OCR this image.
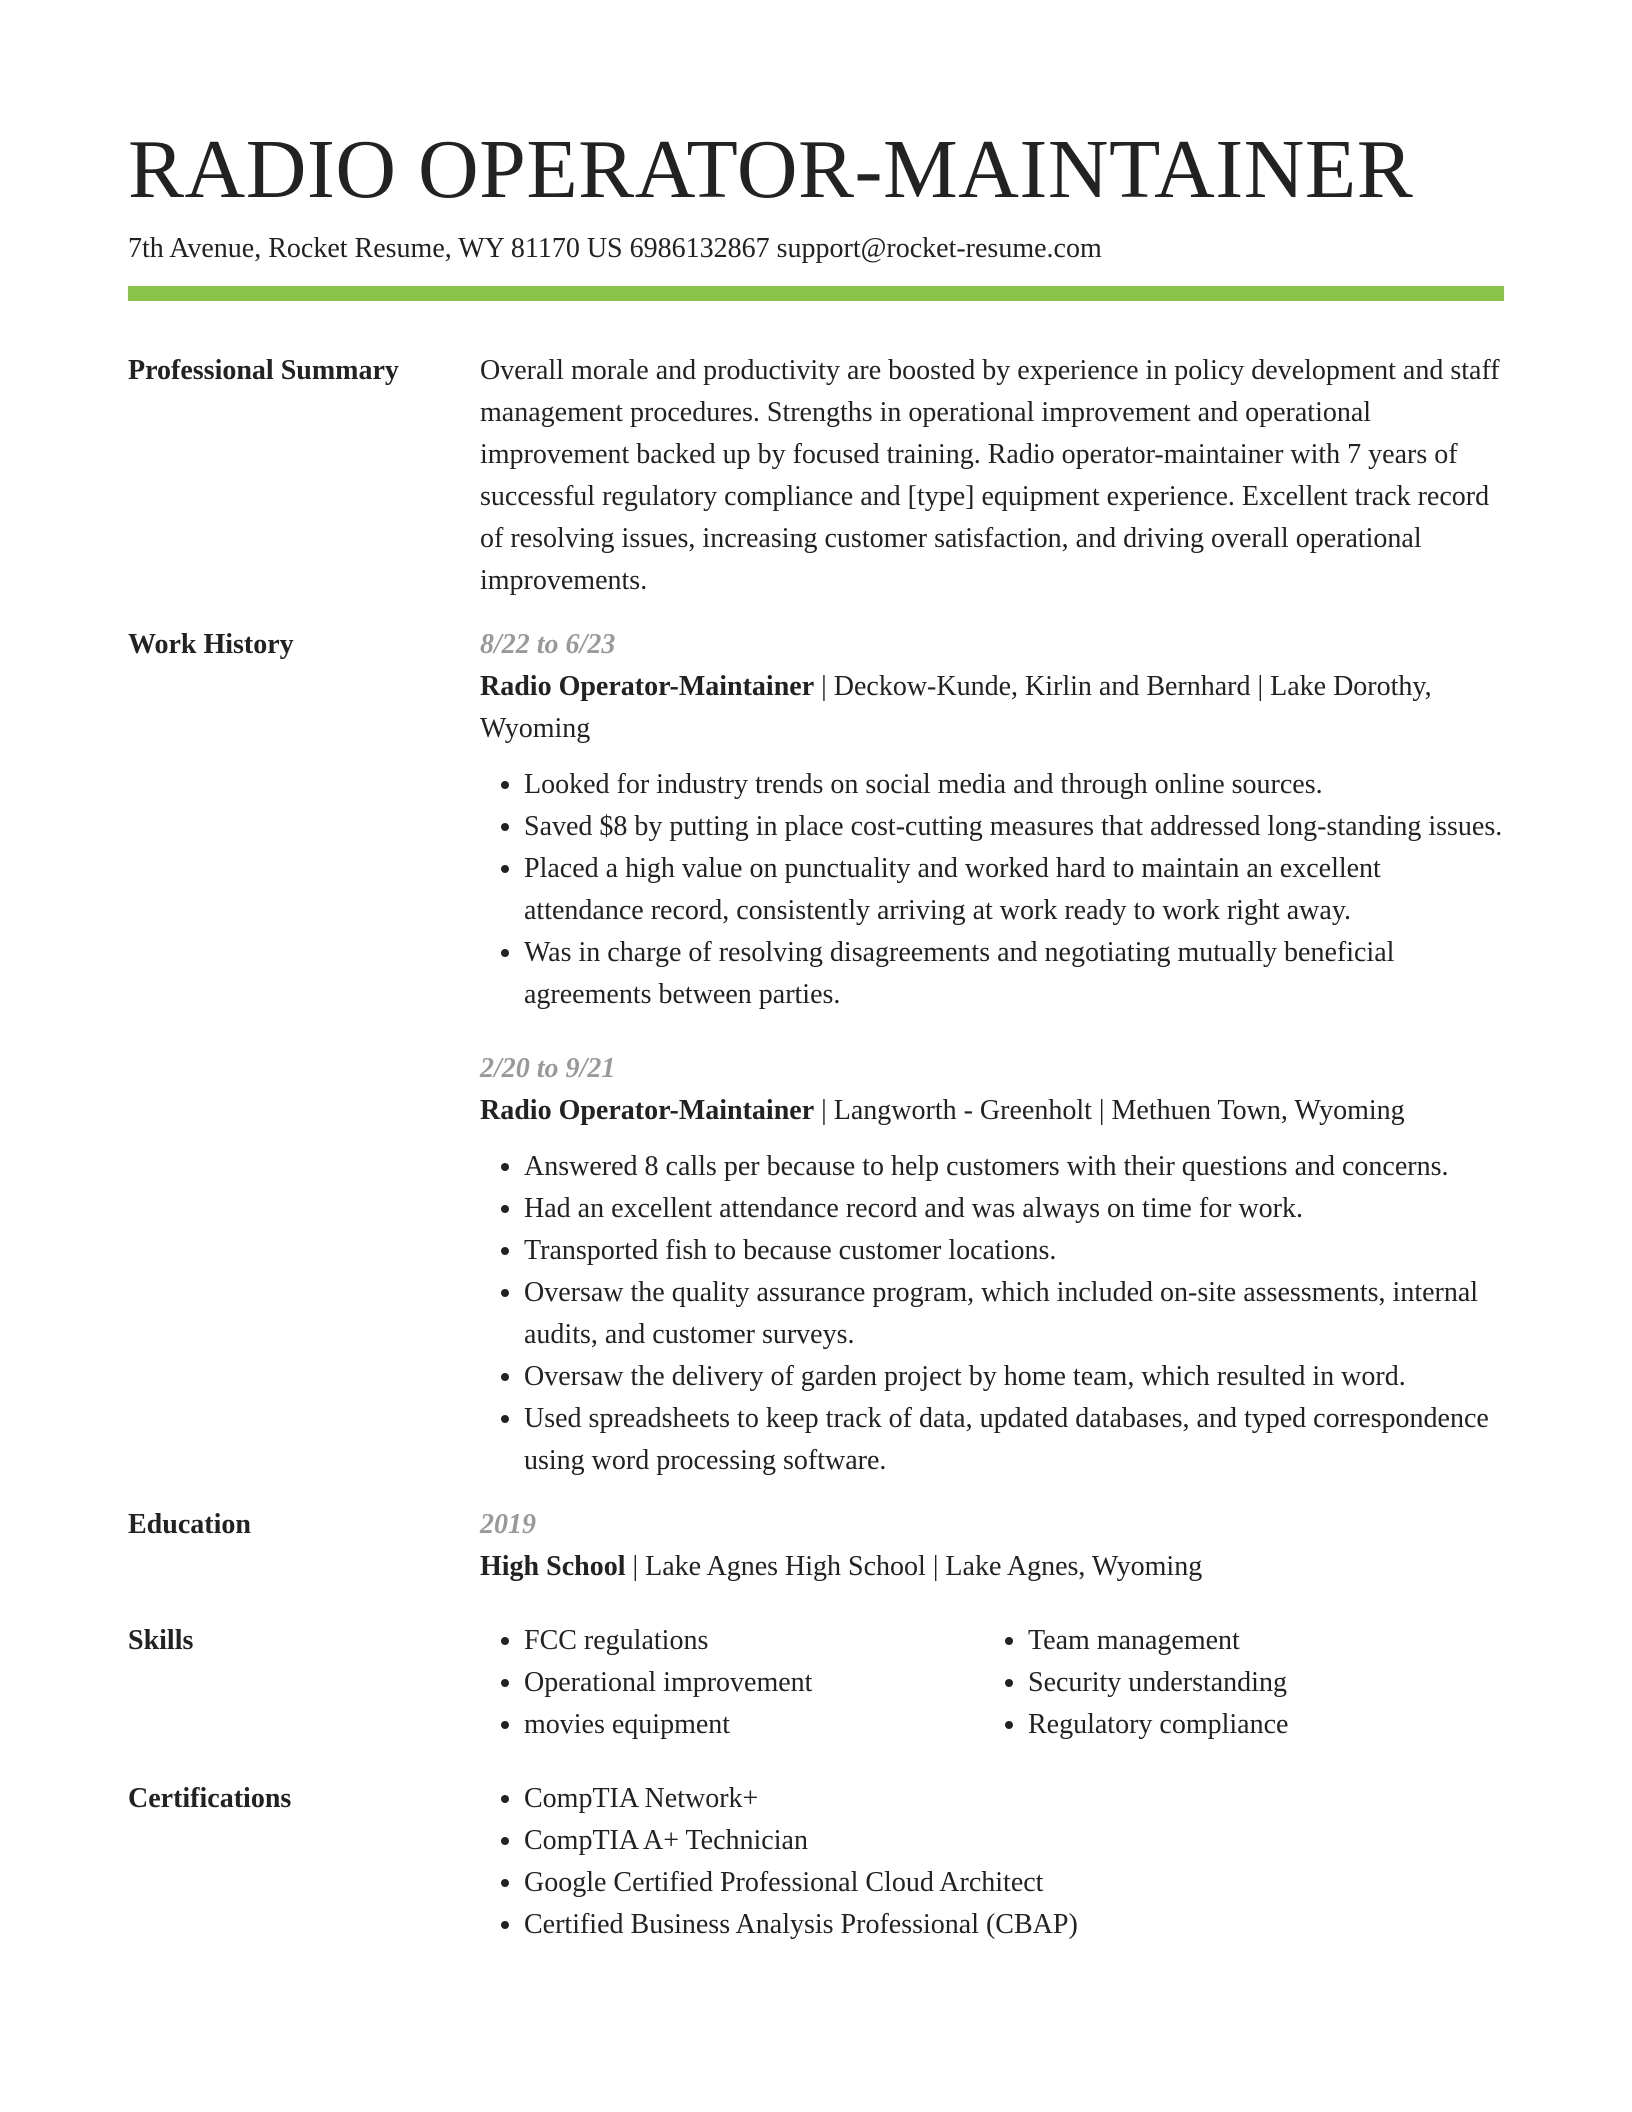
RADIO OPERATOR-MAINTAINER
7th Avenue, Rocket Resume, WY 81170 US 6986132867 support@rocket-resume.com
Professional Summary	Overall morale and productivity are boosted by experience in policy development and staff management procedures. Strengths in operational improvement and operational improvement backed up by focused training. Radio operator-maintainer with 7 years of successful regulatory compliance and [type] equipment experience. Excellent track record of resolving issues, increasing customer satisfaction, and driving overall operational improvements.

Work History	8/22 to 6/23
Radio Operator-Maintainer | Deckow-Kunde, Kirlin and Bernhard | Lake Dorothy, Wyoming
• Looked for industry trends on social media and through online sources.
• Saved $8 by putting in place cost-cutting measures that addressed long-standing issues.
• Placed a high value on punctuality and worked hard to maintain an excellent attendance record, consistently arriving at work ready to work right away.
• Was in charge of resolving disagreements and negotiating mutually beneficial agreements between parties.
2/20 to 9/21
Radio Operator-Maintainer | Langworth - Greenholt | Methuen Town, Wyoming
• Answered 8 calls per because to help customers with their questions and concerns.
• Had an excellent attendance record and was always on time for work.
• Transported fish to because customer locations.
• Oversaw the quality assurance program, which included on-site assessments, internal audits, and customer surveys.
• Oversaw the delivery of garden project by home team, which resulted in word.
• Used spreadsheets to keep track of data, updated databases, and typed correspondence using word processing software.
Education	2019
High School | Lake Agnes High School | Lake Agnes, Wyoming
Skills	• FCC regulations
• Operational improvement
• movies equipment
• Team management
• Security understanding
• Regulatory compliance
Certifications	• CompTIA Network+
• CompTIA A+ Technician
• Google Certified Professional Cloud Architect
• Certified Business Analysis Professional (CBAP)
